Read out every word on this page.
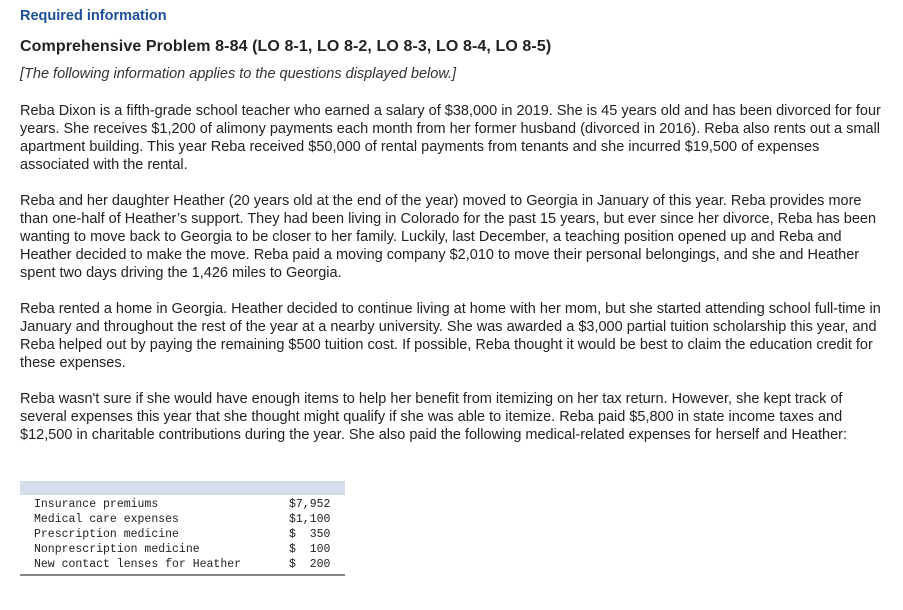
Required information
Comprehensive Problem 8-84 (LO 8-1, LO 8-2, LO 8-3, LO 8-4, LO 8-5)
[The following information applies to the questions displayed below.]
Reba Dixon is a fifth-grade school teacher who earned a salary of $38,000 in 2019. She is 45 years old and has been divorced for four years. She receives $1,200 of alimony payments each month from her former husband (divorced in 2016). Reba also rents out a small apartment building. This year Reba received $50,000 of rental payments from tenants and she incurred $19,500 of expenses associated with the rental.
Reba and her daughter Heather (20 years old at the end of the year) moved to Georgia in January of this year. Reba provides more than one-half of Heather’s support. They had been living in Colorado for the past 15 years, but ever since her divorce, Reba has been wanting to move back to Georgia to be closer to her family. Luckily, last December, a teaching position opened up and Reba and Heather decided to make the move. Reba paid a moving company $2,010 to move their personal belongings, and she and Heather spent two days driving the 1,426 miles to Georgia.
Reba rented a home in Georgia. Heather decided to continue living at home with her mom, but she started attending school full-time in January and throughout the rest of the year at a nearby university. She was awarded a $3,000 partial tuition scholarship this year, and Reba helped out by paying the remaining $500 tuition cost. If possible, Reba thought it would be best to claim the education credit for these expenses.
Reba wasn't sure if she would have enough items to help her benefit from itemizing on her tax return. However, she kept track of several expenses this year that she thought might qualify if she was able to itemize. Reba paid $5,800 in state income taxes and $12,500 in charitable contributions during the year. She also paid the following medical-related expenses for herself and Heather:

Insurance premiums	$7,952
Medical care expenses	$1,100
Prescription medicine	$  350
Nonprescription medicine	$  100
New contact lenses for Heather	$  200
